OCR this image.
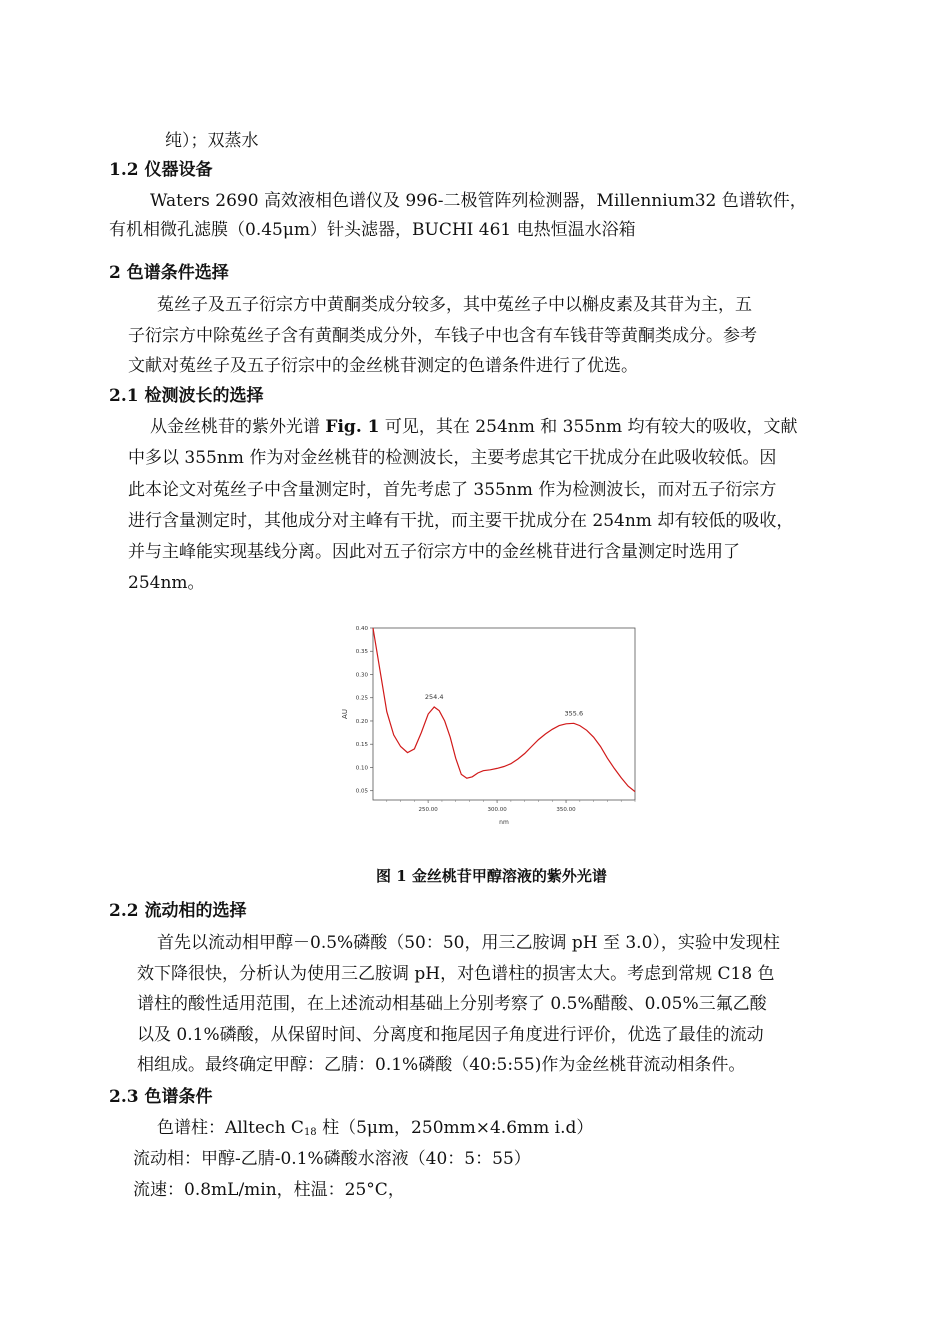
纯）；双蒸水
1.2 仪器设备
Waters 2690 高效液相色谱仪及 996-二极管阵列检测器，Millennium32 色谱软件，
有机相微孔滤膜（0.45μm）针头滤器，BUCHI 461 电热恒温水浴箱
2 色谱条件选择
菟丝子及五子衍宗方中黄酮类成分较多，其中菟丝子中以槲皮素及其苷为主，五
子衍宗方中除菟丝子含有黄酮类成分外，车钱子中也含有车钱苷等黄酮类成分。参考
文献对菟丝子及五子衍宗中的金丝桃苷测定的色谱条件进行了优选。
2.1 检测波长的选择
从金丝桃苷的紫外光谱 Fig. 1 可见，其在 254nm 和 355nm 均有较大的吸收，文献
中多以 355nm 作为对金丝桃苷的检测波长，主要考虑其它干扰成分在此吸收较低。因
此本论文对菟丝子中含量测定时，首先考虑了 355nm 作为检测波长，而对五子衍宗方
进行含量测定时，其他成分对主峰有干扰，而主要干扰成分在 254nm 却有较低的吸收，
并与主峰能实现基线分离。因此对五子衍宗方中的金丝桃苷进行含量测定时选用了
254nm。
0.05
0.10
0.15
0.20
0.25
0.30
0.35
0.40
250.00	300.00	350.00
254.4
355.6
AU
nm
图 1 金丝桃苷甲醇溶液的紫外光谱
2.2 流动相的选择
首先以流动相甲醇－0.5%磷酸（50：50，用三乙胺调 pH 至 3.0），实验中发现柱
效下降很快，分析认为使用三乙胺调 pH，对色谱柱的损害太大。考虑到常规 C18 色
谱柱的酸性适用范围，在上述流动相基础上分别考察了 0.5%醋酸、0.05%三氟乙酸
以及 0.1%磷酸，从保留时间、分离度和拖尾因子角度进行评价，优选了最佳的流动
相组成。最终确定甲醇：乙腈：0.1%磷酸（40:5:55)作为金丝桃苷流动相条件。
2.3 色谱条件
色谱柱：Alltech $C_{18}$ 柱（5μm，250mm×4.6mm i.d）
流动相：甲醇-乙腈-0.1%磷酸水溶液（40：5：55）
流速：0.8mL/min，柱温：25°C，
